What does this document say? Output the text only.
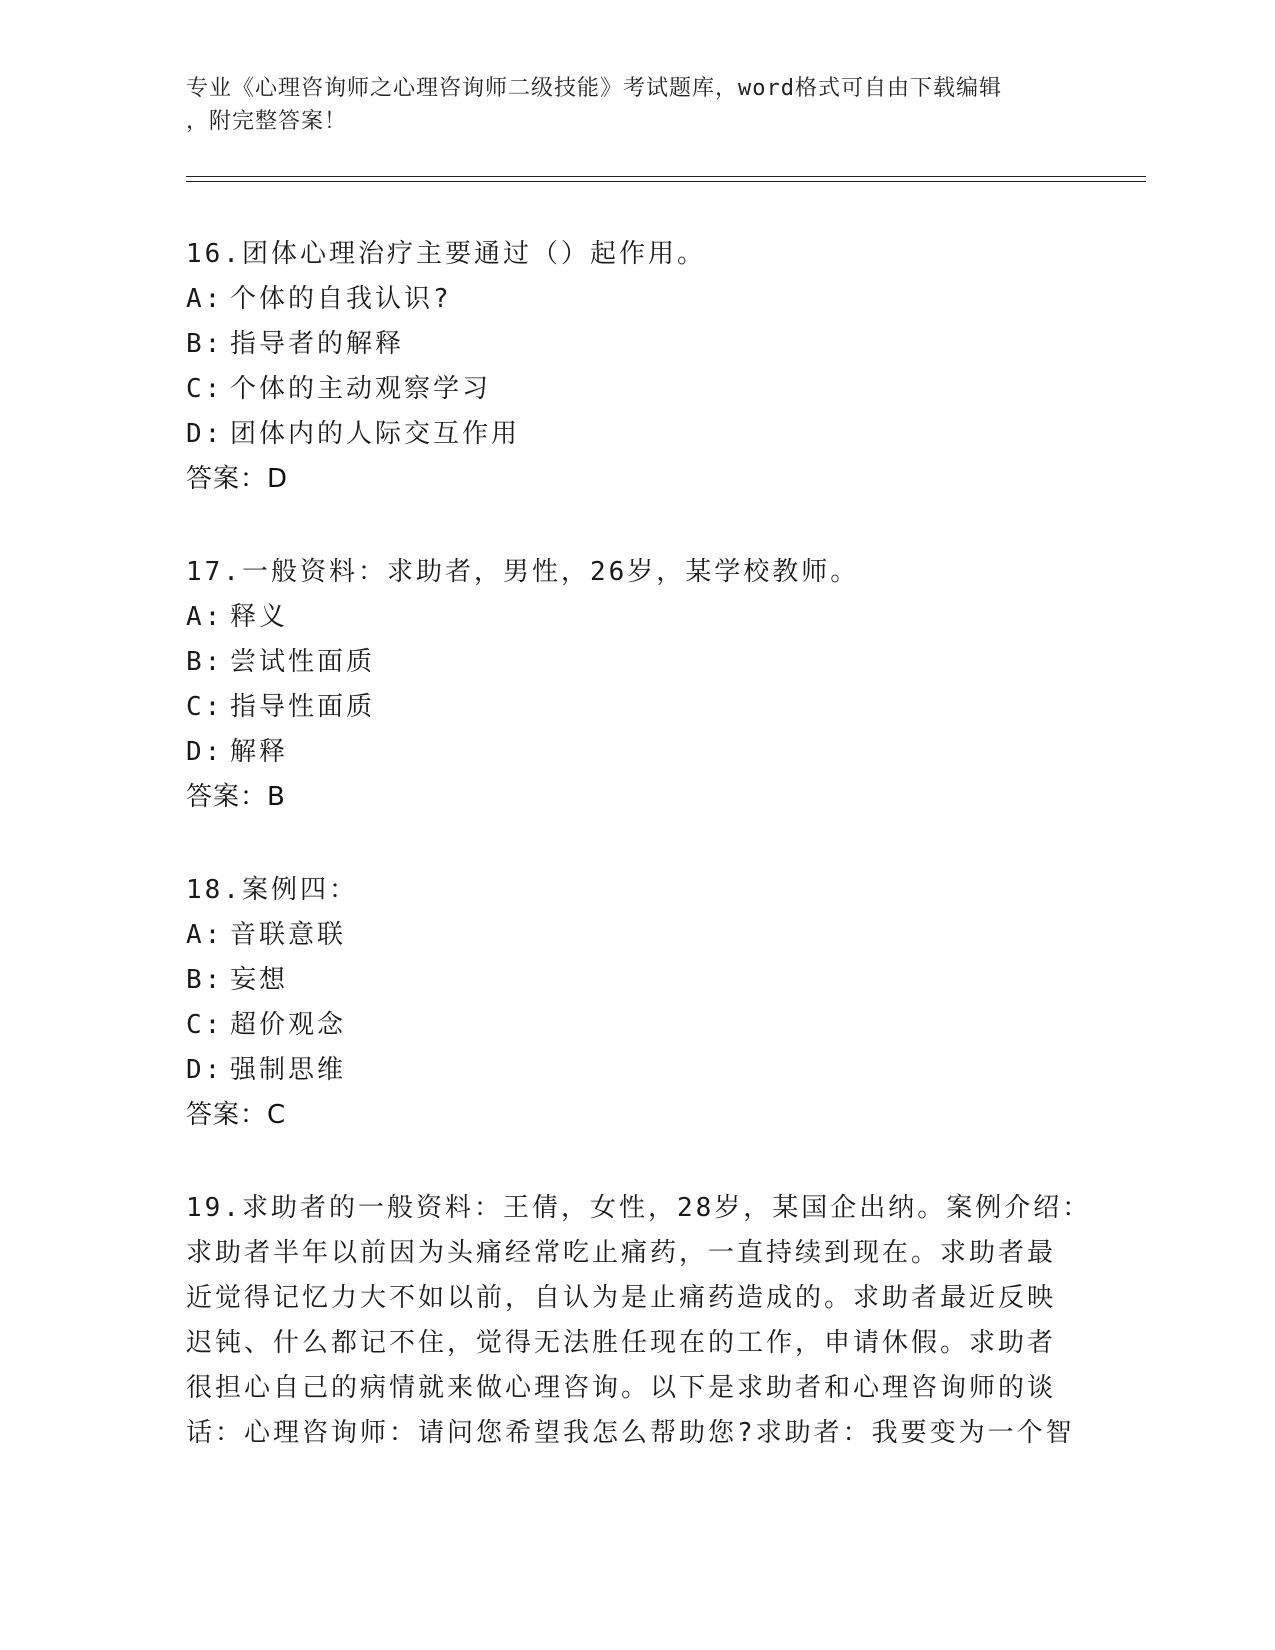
专业《心理咨询师之心理咨询师二级技能》考试题库，word格式可自由下载编辑
，附完整答案！
16.团体心理治疗主要通过（）起作用。
A: 个体的自我认识?
B: 指导者的解释
C: 个体的主动观察学习
D: 团体内的人际交互作用
答案：D
17.一般资料：求助者，男性，26岁，某学校教师。
A: 释义
B: 尝试性面质
C: 指导性面质
D: 解释
答案：B
18.案例四：
A: 音联意联
B: 妄想
C: 超价观念
D: 强制思维
答案：C
19.求助者的一般资料：王倩，女性，28岁，某国企出纳。案例介绍：
求助者半年以前因为头痛经常吃止痛药，一直持续到现在。求助者最
近觉得记忆力大不如以前，自认为是止痛药造成的。求助者最近反映
迟钝、什么都记不住，觉得无法胜任现在的工作，申请休假。求助者
很担心自己的病情就来做心理咨询。以下是求助者和心理咨询师的谈
话：心理咨询师：请问您希望我怎么帮助您?求助者：我要变为一个智
